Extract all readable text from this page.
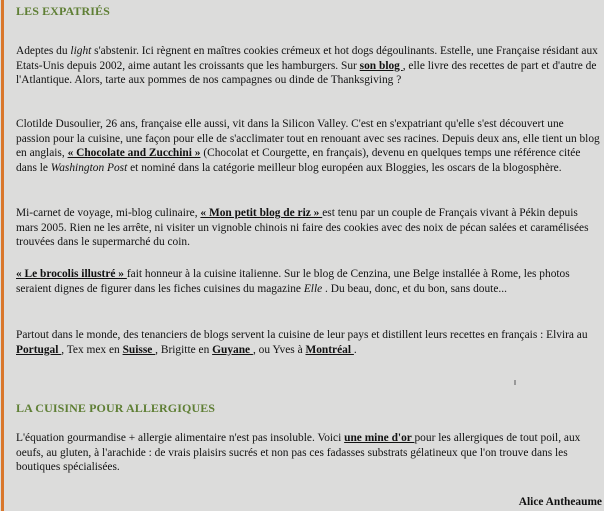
LES EXPATRIÉS

Adeptes du light s'abstenir. Ici règnent en maîtres cookies crémeux et hot dogs dégoulinants. Estelle, une Française résidant aux Etats-Unis depuis 2002, aime autant les croissants que les hamburgers. Sur son blog , elle livre des recettes de part et d'autre de l'Atlantique. Alors, tarte aux pommes de nos campagnes ou dinde de Thanksgiving ?

Clotilde Dusoulier, 26 ans, française elle aussi, vit dans la Silicon Valley. C'est en s'expatriant qu'elle s'est découvert une passion pour la cuisine, une façon pour elle de s'acclimater tout en renouant avec ses racines. Depuis deux ans, elle tient un blog en anglais, « Chocolate and Zucchini » (Chocolat et Courgette, en français), devenu en quelques temps une référence citée dans le Washington Post et nominé dans la catégorie meilleur blog européen aux Bloggies, les oscars de la blogosphère.

Mi-carnet de voyage, mi-blog culinaire, « Mon petit blog de riz » est tenu par un couple de Français vivant à Pékin depuis mars 2005. Rien ne les arrête, ni visiter un vignoble chinois ni faire des cookies avec des noix de pécan salées et caramélisées trouvées dans le supermarché du coin.

« Le brocolis illustré » fait honneur à la cuisine italienne. Sur le blog de Cenzina, une Belge installée à Rome, les photos seraient dignes de figurer dans les fiches cuisines du magazine Elle . Du beau, donc, et du bon, sans doute...

Partout dans le monde, des tenanciers de blogs servent la cuisine de leur pays et distillent leurs recettes en français : Elvira au Portugal , Tex mex en Suisse , Brigitte en Guyane , ou Yves à Montréal .

LA CUISINE POUR ALLERGIQUES

L'équation gourmandise + allergie alimentaire n'est pas insoluble. Voici une mine d'or pour les allergiques de tout poil, aux oeufs, au gluten, à l'arachide : de vrais plaisirs sucrés et non pas ces fadasses substrats gélatineux que l'on trouve dans les boutiques spécialisées.

Alice Antheaume
